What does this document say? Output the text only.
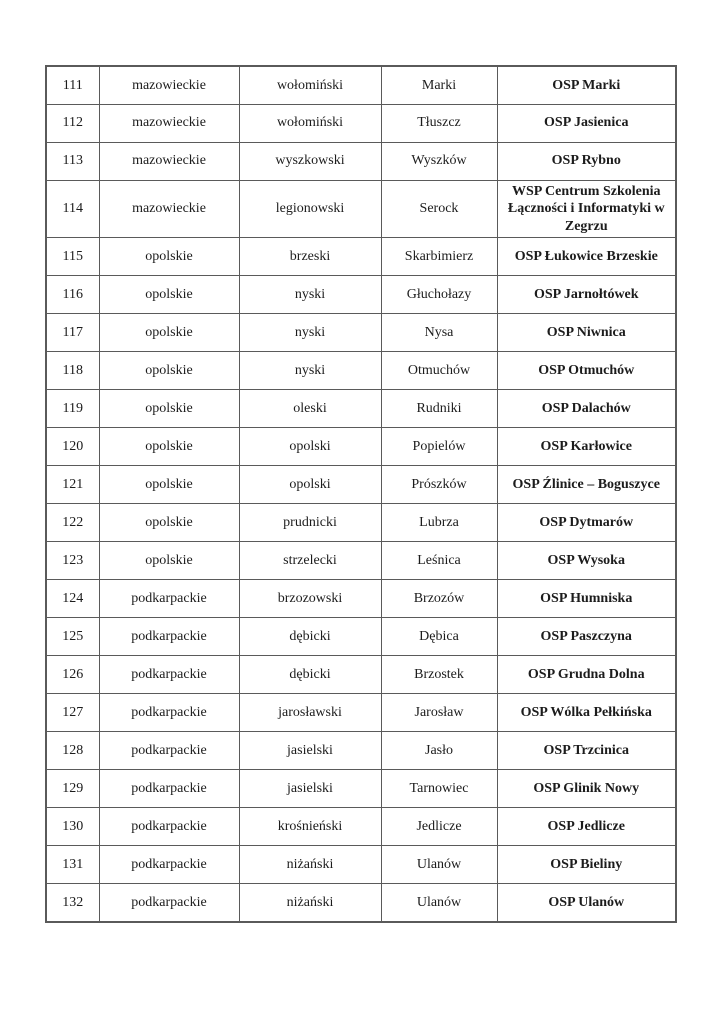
111	mazowieckie	wołomiński	Marki	OSP Marki
112	mazowieckie	wołomiński	Tłuszcz	OSP Jasienica
113	mazowieckie	wyszkowski	Wyszków	OSP Rybno
114	mazowieckie	legionowski	Serock	WSP Centrum Szkolenia Łączności i Informatyki w Zegrzu
115	opolskie	brzeski	Skarbimierz	OSP Łukowice Brzeskie
116	opolskie	nyski	Głuchołazy	OSP Jarnołtówek
117	opolskie	nyski	Nysa	OSP Niwnica
118	opolskie	nyski	Otmuchów	OSP Otmuchów
119	opolskie	oleski	Rudniki	OSP Dalachów
120	opolskie	opolski	Popielów	OSP Karłowice
121	opolskie	opolski	Prószków	OSP Źlinice – Boguszyce
122	opolskie	prudnicki	Lubrza	OSP Dytmarów
123	opolskie	strzelecki	Leśnica	OSP Wysoka
124	podkarpackie	brzozowski	Brzozów	OSP Humniska
125	podkarpackie	dębicki	Dębica	OSP Paszczyna
126	podkarpackie	dębicki	Brzostek	OSP Grudna Dolna
127	podkarpackie	jarosławski	Jarosław	OSP Wólka Pełkińska
128	podkarpackie	jasielski	Jasło	OSP Trzcinica
129	podkarpackie	jasielski	Tarnowiec	OSP Glinik Nowy
130	podkarpackie	krośnieński	Jedlicze	OSP Jedlicze
131	podkarpackie	niżański	Ulanów	OSP Bieliny
132	podkarpackie	niżański	Ulanów	OSP Ulanów
